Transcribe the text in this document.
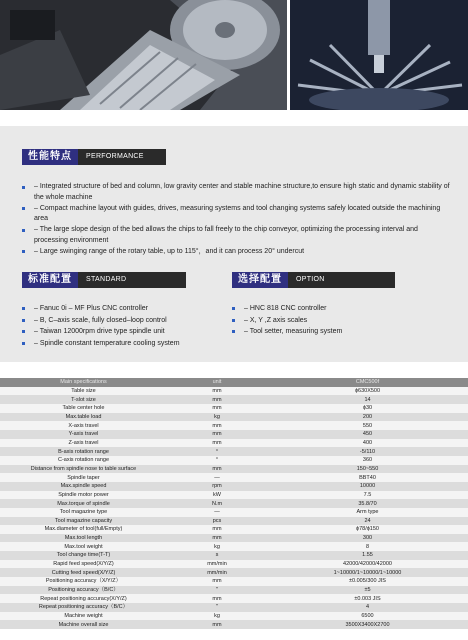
性能特点	PERFORMANCE
– Integrated structure of bed and column, low gravity center and stable machine structure,to ensure high static and dynamic stability of the whole machine
– Compact machine layout with guides, drives, measuring systems and tool changing systems safely located outside the machining area
– The large slope design of the bed allows the chips to fall freely to the chip conveyor, optimizing the processing interval and processing environment
– Large swinging range of the rotary table, up to 115°，and it can process 20° undercut
标准配置	STANDARD	选择配置	OPTION
– Fanuc 0i – MF Plus CNC controller
– B, C–axis scale, fully closed–loop control
– Taiwan 12000rpm drive type spindle unit
– Spindle constant temperature cooling system
– HNC 818 CNC controller
– X, Y ,Z axis scales
– Tool setter, measuring system
Main specifications	unit	CMC500f
Table size	mm	ϕ630X500
T-slot size	mm	14
Table center hole	mm	ϕ30
Max.table load	kg	200
X-axis travel	mm	550
Y-axis travel	mm	450
Z-axis travel	mm	400
B-axis rotation range	°	-5/110
C-axis rotation range	°	360
Distance from spindle nose to table surface	mm	150~550
Spindle taper	—	BBT40
Max.spindle speed	rpm	10000
Spindle motor power	kW	7.5
Max.torque of spindle	N.m	35.8/70
Tool magazine type	—	Arm type
Tool magazine capacity	pcs	24
Max.diameter of tool(full/Empty)	mm	ϕ78/ϕ150
Max.tool length	mm	300
Max.tool weight	kg	8
Tool change time(T-T)	s	1.55
Rapid feed speed(X/Y/Z)	mm/min	42000/42000/42000
Cutting feed speed(X/Y/Z)	mm/min	1~10000/1~10000/1~10000
Positioning accuracy（X/Y/Z）	mm	±0.005/300 JIS
Positioning accuracy（B/C）	″	±5
Repeat positioning accuracy(X/Y/Z)	mm	±0.003 JIS
Repeat positioning accuracy（B/C）	″	4
Machine weight	kg	6500
Machine overall size	mm	3500X3400X2700
